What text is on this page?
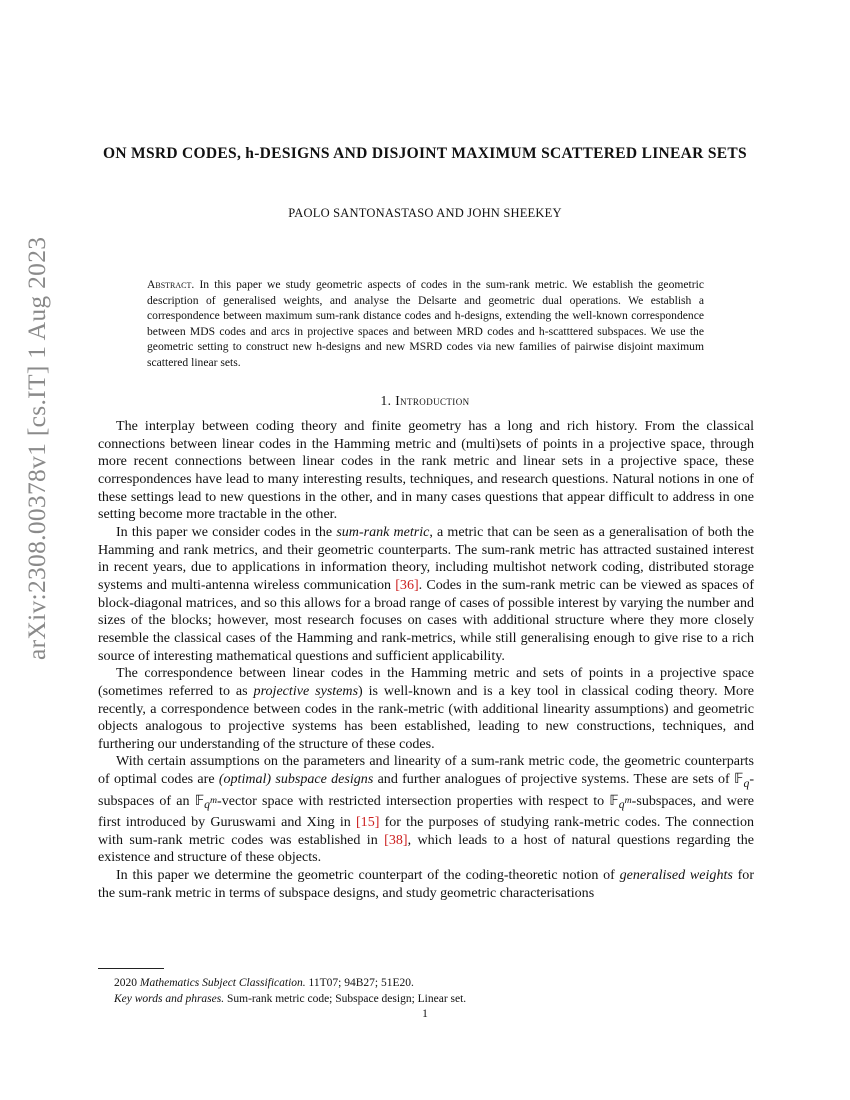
arXiv:2308.00378v1 [cs.IT] 1 Aug 2023
ON MSRD CODES, h-DESIGNS AND DISJOINT MAXIMUM SCATTERED LINEAR SETS
PAOLO SANTONASTASO AND JOHN SHEEKEY
Abstract. In this paper we study geometric aspects of codes in the sum-rank metric. We establish the geometric description of generalised weights, and analyse the Delsarte and geometric dual operations. We establish a correspondence between maximum sum-rank distance codes and h-designs, extending the well-known correspondence between MDS codes and arcs in projective spaces and between MRD codes and h-scatttered subspaces. We use the geometric setting to construct new h-designs and new MSRD codes via new families of pairwise disjoint maximum scattered linear sets.
1. Introduction

The interplay between coding theory and finite geometry has a long and rich history. From the classical connections between linear codes in the Hamming metric and (multi)sets of points in a projective space, through more recent connections between linear codes in the rank metric and linear sets in a projective space, these correspondences have lead to many interesting results, techniques, and research questions. Natural notions in one of these settings lead to new questions in the other, and in many cases questions that appear difficult to address in one setting become more tractable in the other.

In this paper we consider codes in the sum-rank metric, a metric that can be seen as a generalisation of both the Hamming and rank metrics, and their geometric counterparts. The sum-rank metric has attracted sustained interest in recent years, due to applications in information theory, including multishot network coding, distributed storage systems and multi-antenna wireless communication [36]. Codes in the sum-rank metric can be viewed as spaces of block-diagonal matrices, and so this allows for a broad range of cases of possible interest by varying the number and sizes of the blocks; however, most research focuses on cases with additional structure where they more closely resemble the classical cases of the Hamming and rank-metrics, while still generalising enough to give rise to a rich source of interesting mathematical questions and sufficient applicability.

The correspondence between linear codes in the Hamming metric and sets of points in a projective space (sometimes referred to as projective systems) is well-known and is a key tool in classical coding theory. More recently, a correspondence between codes in the rank-metric (with additional linearity assumptions) and geometric objects analogous to projective systems has been established, leading to new constructions, techniques, and furthering our understanding of the structure of these codes.

With certain assumptions on the parameters and linearity of a sum-rank metric code, the geometric counterparts of optimal codes are (optimal) subspace designs and further analogues of projective systems. These are sets of 𝔽$_q$-subspaces of an 𝔽$_{q^m}$-vector space with restricted intersection properties with respect to 𝔽$_{q^m}$-subspaces, and were first introduced by Guruswami and Xing in [15] for the purposes of studying rank-metric codes. The connection with sum-rank metric codes was established in [38], which leads to a host of natural questions regarding the existence and structure of these objects.

In this paper we determine the geometric counterpart of the coding-theoretic notion of generalised weights for the sum-rank metric in terms of subspace designs, and study geometric characterisations

2020 Mathematics Subject Classification. 11T07; 94B27; 51E20.
Key words and phrases. Sum-rank metric code; Subspace design; Linear set.
1
